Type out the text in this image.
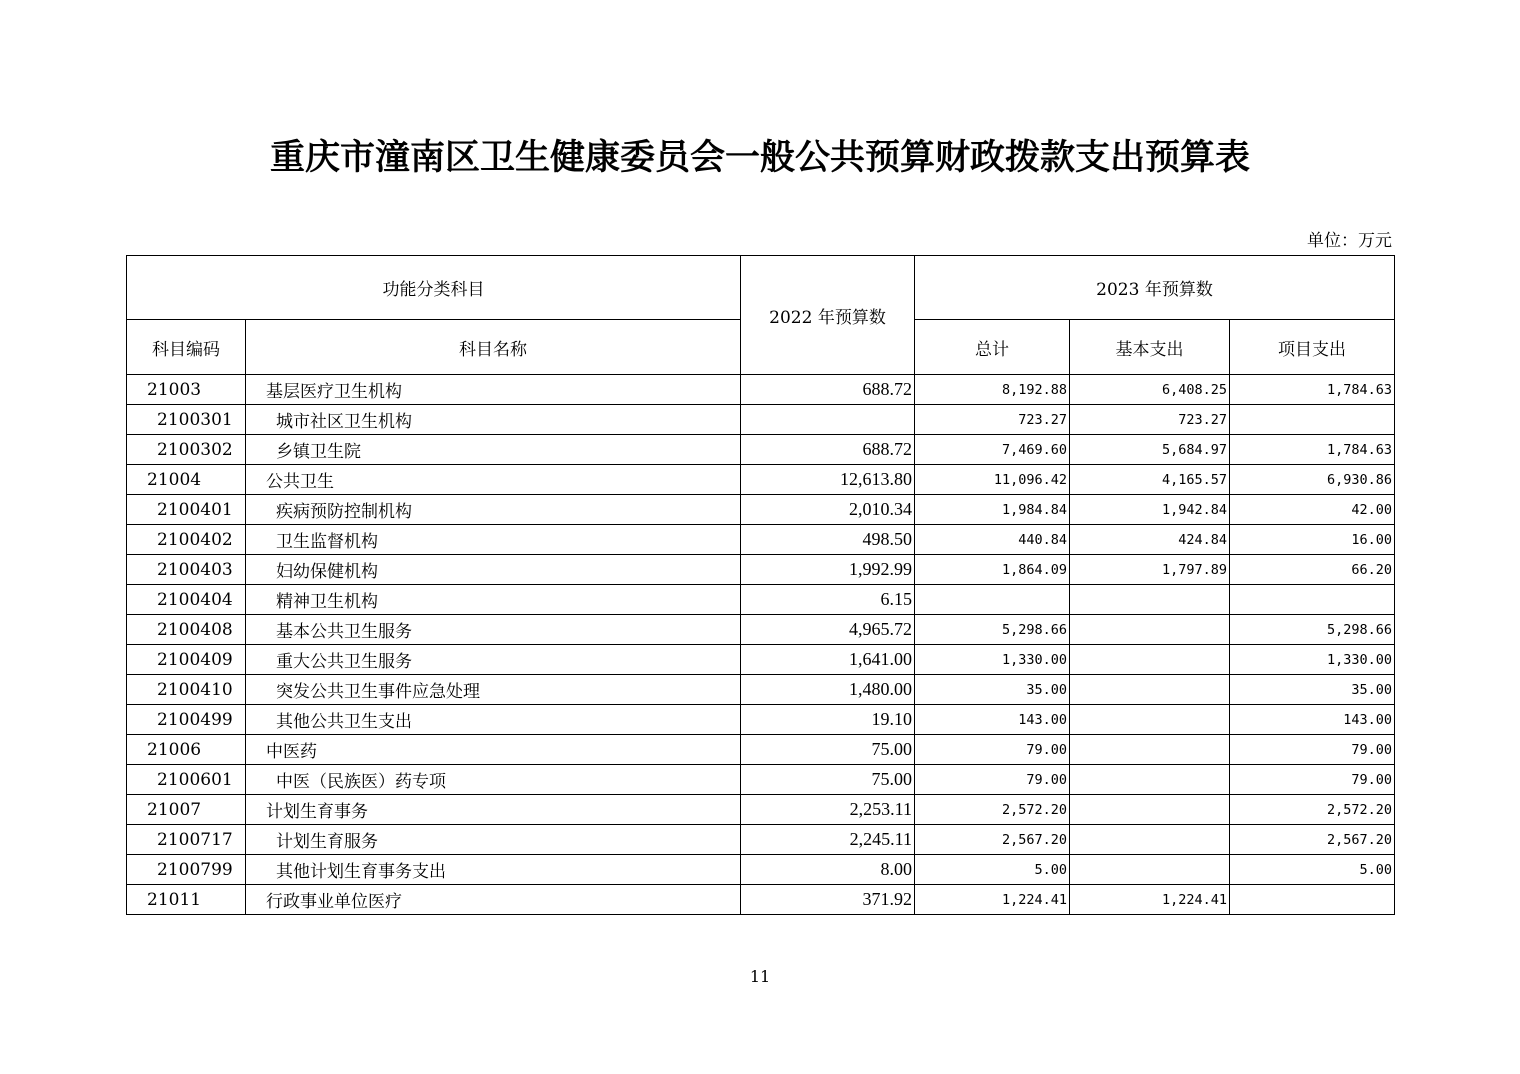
重庆市潼南区卫生健康委员会一般公共预算财政拨款支出预算表
单位：万元
功能分类科目		2022 年预算数	2023 年预算数		
科目编码	科目名称		总计	基本支出	项目支出
21003	基层医疗卫生机构	688.72	8,192.88	6,408.25	1,784.63
2100301	城市社区卫生机构		723.27	723.27	
2100302	乡镇卫生院	688.72	7,469.60	5,684.97	1,784.63
21004	公共卫生	12,613.80	11,096.42	4,165.57	6,930.86
2100401	疾病预防控制机构	2,010.34	1,984.84	1,942.84	42.00
2100402	卫生监督机构	498.50	440.84	424.84	16.00
2100403	妇幼保健机构	1,992.99	1,864.09	1,797.89	66.20
2100404	精神卫生机构	6.15			
2100408	基本公共卫生服务	4,965.72	5,298.66		5,298.66
2100409	重大公共卫生服务	1,641.00	1,330.00		1,330.00
2100410	突发公共卫生事件应急处理	1,480.00	35.00		35.00
2100499	其他公共卫生支出	19.10	143.00		143.00
21006	中医药	75.00	79.00		79.00
2100601	中医（民族医）药专项	75.00	79.00		79.00
21007	计划生育事务	2,253.11	2,572.20		2,572.20
2100717	计划生育服务	2,245.11	2,567.20		2,567.20
2100799	其他计划生育事务支出	8.00	5.00		5.00
21011	行政事业单位医疗	371.92	1,224.41	1,224.41	
11
